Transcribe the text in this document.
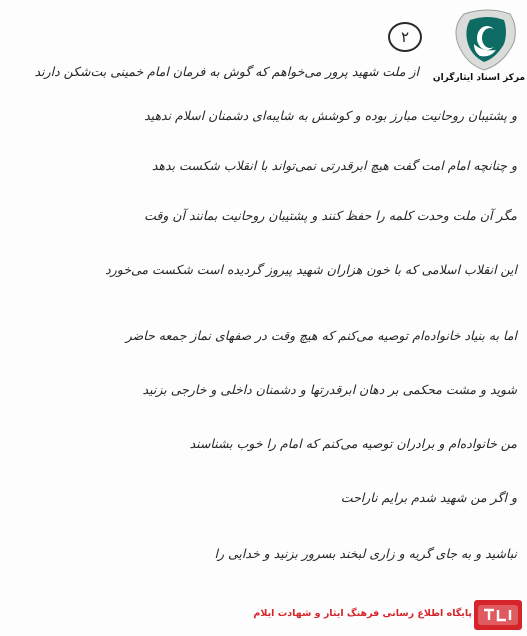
۲
مرکز اسناد ایثارگران
از ملت شهید پرور می‌خواهم که گوش به فرمان امام خمینی بت‌شکن دارند
و پشتیبان روحانیت مبارز بوده و کوشش به شایبه‌ای دشمنان اسلام ندهید
و چنانچه امام امت گفت هیچ ابرقدرتی نمی‌تواند با انقلاب شکست بدهد
مگر آن ملت وحدت کلمه را حفظ کنند و پشتیبان روحانیت بمانند آن وقت
این انقلاب اسلامی که با خون هزاران شهید پیروز گردیده است شکست می‌خورد
اما به بنیاد خانواده‌ام توصیه می‌کنم که هیچ وقت در صفهای نماز جمعه حاضر
شوید و مشت محکمی بر دهان ابرقدرتها و دشمنان داخلی و خارجی بزنید
من خانواده‌ام و برادران توصیه می‌کنم که امام را خوب بشناسند
و اگر من شهید شدم برایم ناراحت
نباشید و به جای گریه و زاری لبخند بسرور بزنید و خدایی را
پایگاه اطلاع رسانی فرهنگ ایثار و شهادت ایلام
